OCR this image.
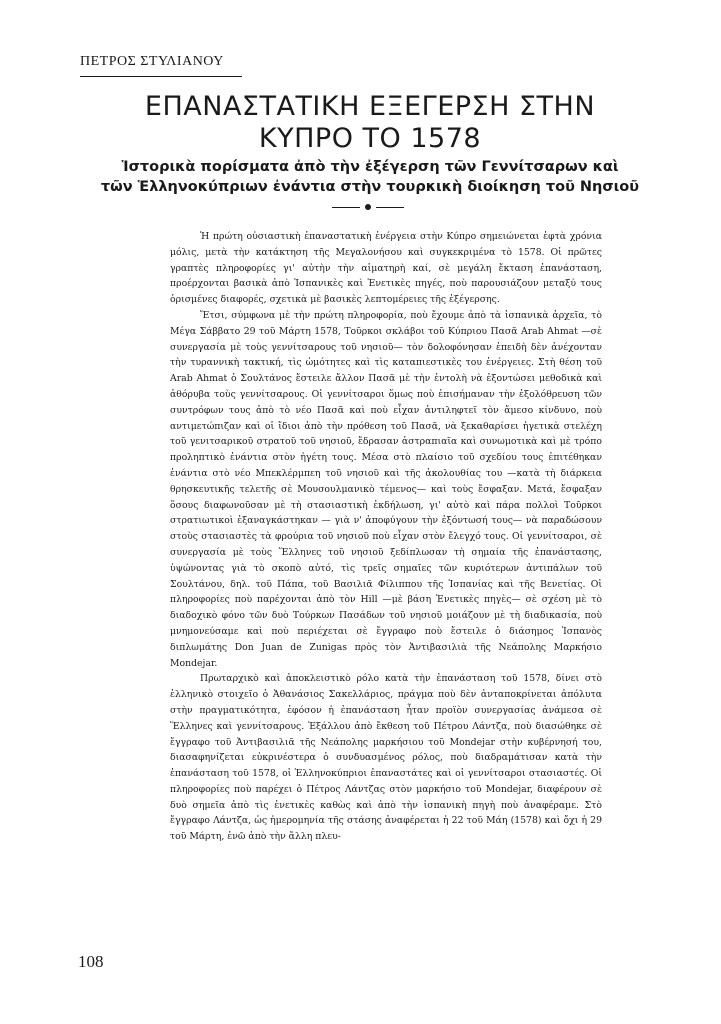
ΠΕΤΡΟΣ ΣΤΥΛΙΑΝΟΥ
ΕΠΑΝΑΣΤΑΤΙΚΗ ΕΞΕΓΕΡΣΗ ΣΤΗΝ
ΚΥΠΡΟ ΤΟ 1578
Ἱστορικὰ πορίσματα ἀπὸ τὴν ἐξέγερση τῶν Γεννίτσαρων καὶ
τῶν Ἑλληνοκύπριων ἐνάντια στὴν τουρκικὴ διοίκηση τοῦ Νησιοῦ

Ἡ πρώτη οὐσιαστικὴ ἐπαναστατικὴ ἐνέργεια στὴν Κύπρο σημειώνεται ἑφτὰ χρόνια μόλις, μετὰ τὴν κατάκτηση τῆς Μεγαλονήσου καὶ συγκεκριμένα τὸ 1578. Οἱ πρῶτες γραπτὲς πληροφορίες γι' αὐτὴν τὴν αἱματηρὴ καί, σὲ μεγάλη ἔκταση ἐπανάσταση, προέρχονται βασικὰ ἀπὸ Ἱσπανικὲς καὶ Ἑνετικὲς πηγές, ποὺ παρουσιάζουν μεταξύ τους ὁρισμένες διαφορές, σχετικὰ μὲ βασικὲς λεπτομέρειες τῆς ἐξέγερσης.

Ἔτσι, σύμφωνα μὲ τὴν πρώτη πληροφορία, ποὺ ἔχουμε ἀπὸ τὰ ἱσπανικὰ ἀρχεῖα, τὸ Μέγα Σάββατο 29 τοῦ Μάρτη 1578, Τοῦρκοι σκλάβοι τοῦ Κύπριου Πασᾶ Arab Ahmat —σὲ συνεργασία μὲ τοὺς γεννίτσαρους τοῦ νησιοῦ— τὸν δολοφόνησαν ἐπειδὴ δὲν ἀνέχονταν τὴν τυραννικὴ τακτική, τὶς ὠμότητες καὶ τὶς καταπιεστικὲς του ἐνέργειες. Στὴ θέση τοῦ Arab Ahmat ὁ Σουλτάνος ἔστειλε ἄλλον Πασᾶ μὲ τὴν ἐντολὴ νὰ ἐξοντώσει μεθοδικὰ καὶ ἀθόρυβα τοὺς γεννίτσαρους. Οἱ γεννίτσαροι ὅμως ποὺ ἐπισήμαναν τὴν ἐξολόθρευση τῶν συντρόφων τους ἀπὸ τὸ νέο Πασᾶ καὶ ποὺ εἶχαν ἀντιληφτεῖ τὸν ἄμεσο κίνδυνο, ποὺ αντιμετώπιζαν καὶ οἱ ἴδιοι ἀπὸ τὴν πρόθεση τοῦ Πασᾶ, νὰ ξεκαθαρίσει ἡγετικὰ στελέχη τοῦ γενιτσαρικοῦ στρατοῦ τοῦ νησιοῦ, ἔδρασαν ἀστραπιαῖα καὶ συνωμοτικὰ καὶ μὲ τρόπο προληπτικὸ ἐνάντια στὸν ἡγέτη τους. Μέσα στὸ πλαίσιο τοῦ σχεδίου τους ἐπιτέθηκαν ἐνάντια στὸ νέο Μπεκλέρμπεη τοῦ νησιοῦ καὶ τῆς ἀκολουθίας του —κατὰ τὴ διάρκεια θρησκευτικῆς τελετῆς σὲ Μουσουλμανικὸ τέμενος— καὶ τοὺς ἔσφαξαν. Μετά, ἔσφαξαν ὅσους διαφωνοῦσαν μὲ τὴ στασιαστικὴ ἐκδήλωση, γι' αὐτὸ καὶ πάρα πολλοὶ Τοῦρκοι στρατιωτικοὶ ἐξαναγκάστηκαν — γιὰ ν' ἀποφύγουν τὴν ἐξόντωσή τους— νὰ παραδώσουν στοὺς στασιαστὲς τὰ φρούρια τοῦ νησιοῦ ποὺ εἶχαν στὸν ἔλεγχό τους. Οἱ γεννίτσαροι, σὲ συνεργασία μὲ τοὺς Ἕλληνες τοῦ νησιοῦ ξεδίπλωσαν τὴ σημαία τῆς ἐπανάστασης, ὑψώνοντας γιὰ τὸ σκοπὸ αὐτό, τὶς τρεῖς σημαῖες τῶν κυριότερων ἀντιπάλων τοῦ Σουλτάνου, δηλ. τοῦ Πάπα, τοῦ Βασιλιᾶ Φίλιππου τῆς Ἱσπανίας καὶ τῆς Βενετίας. Οἱ πληροφορίες ποὺ παρέχονται ἀπὸ τὸν Hill —μὲ βάση Ἑνετικὲς πηγὲς— σὲ σχέση μὲ τὸ διαδοχικὸ φόνο τῶν δυὸ Τούρκων Πασάδων τοῦ νησιοῦ μοιάζουν μὲ τὴ διαδικασία, ποὺ μνημονεύσαμε καὶ ποὺ περιέχεται σὲ ἔγγραφο ποὺ ἔστειλε ὁ διάσημος Ἱσπανὸς διπλωμάτης Don Juan de Zunigas πρὸς τὸν Ἀντιβασιλιὰ τῆς Νεάπολης Μαρκήσιο Mondejar.

Πρωταρχικὸ καὶ ἀποκλειστικὸ ρόλο κατὰ τὴν ἐπανάσταση τοῦ 1578, δίνει στὸ ἑλληνικὸ στοιχεῖο ὁ Ἀθανάσιος Σακελλάριος, πράγμα ποὺ δὲν ἀνταποκρίνεται ἀπόλυτα στὴν πραγματικότητα, ἐφόσον ἡ ἐπανάσταση ἦταν προϊὸν συνεργασίας ἀνάμεσα σὲ Ἕλληνες καὶ γεννίτσαρους. Ἐξάλλου ἀπὸ ἔκθεση τοῦ Πέτρου Λάντζα, ποὺ διασώθηκε σὲ ἔγγραφο τοῦ Ἀντιβασιλιᾶ τῆς Νεάπολης μαρκήσιου τοῦ Mondejar στὴν κυβέρνησή του, διασαφηνίζεται εὐκρινέστερα ὁ συνδυασμένος ρόλος, ποὺ διαδραμάτισαν κατὰ τὴν ἐπανάσταση τοῦ 1578, οἱ Ἑλληνοκύπριοι ἐπαναστάτες καὶ οἱ γεννίτσαροι στασιαστές. Οἱ πληροφορίες ποὺ παρέχει ὁ Πέτρος Λάντζας στὸν μαρκήσιο τοῦ Mondejar, διαφέρουν σὲ δυὸ σημεῖα ἀπὸ τὶς ἑνετικὲς καθὼς καὶ ἀπὸ τὴν ἱσπανικὴ πηγὴ ποὺ ἀναφέραμε. Στὸ ἔγγραφο Λάντζα, ὡς ἡμερομηνία τῆς στάσης ἀναφέρεται ἡ 22 τοῦ Μάη (1578) καὶ ὄχι ἡ 29 τοῦ Μάρτη, ἐνῶ ἀπὸ τὴν ἄλλη πλευ-

108
